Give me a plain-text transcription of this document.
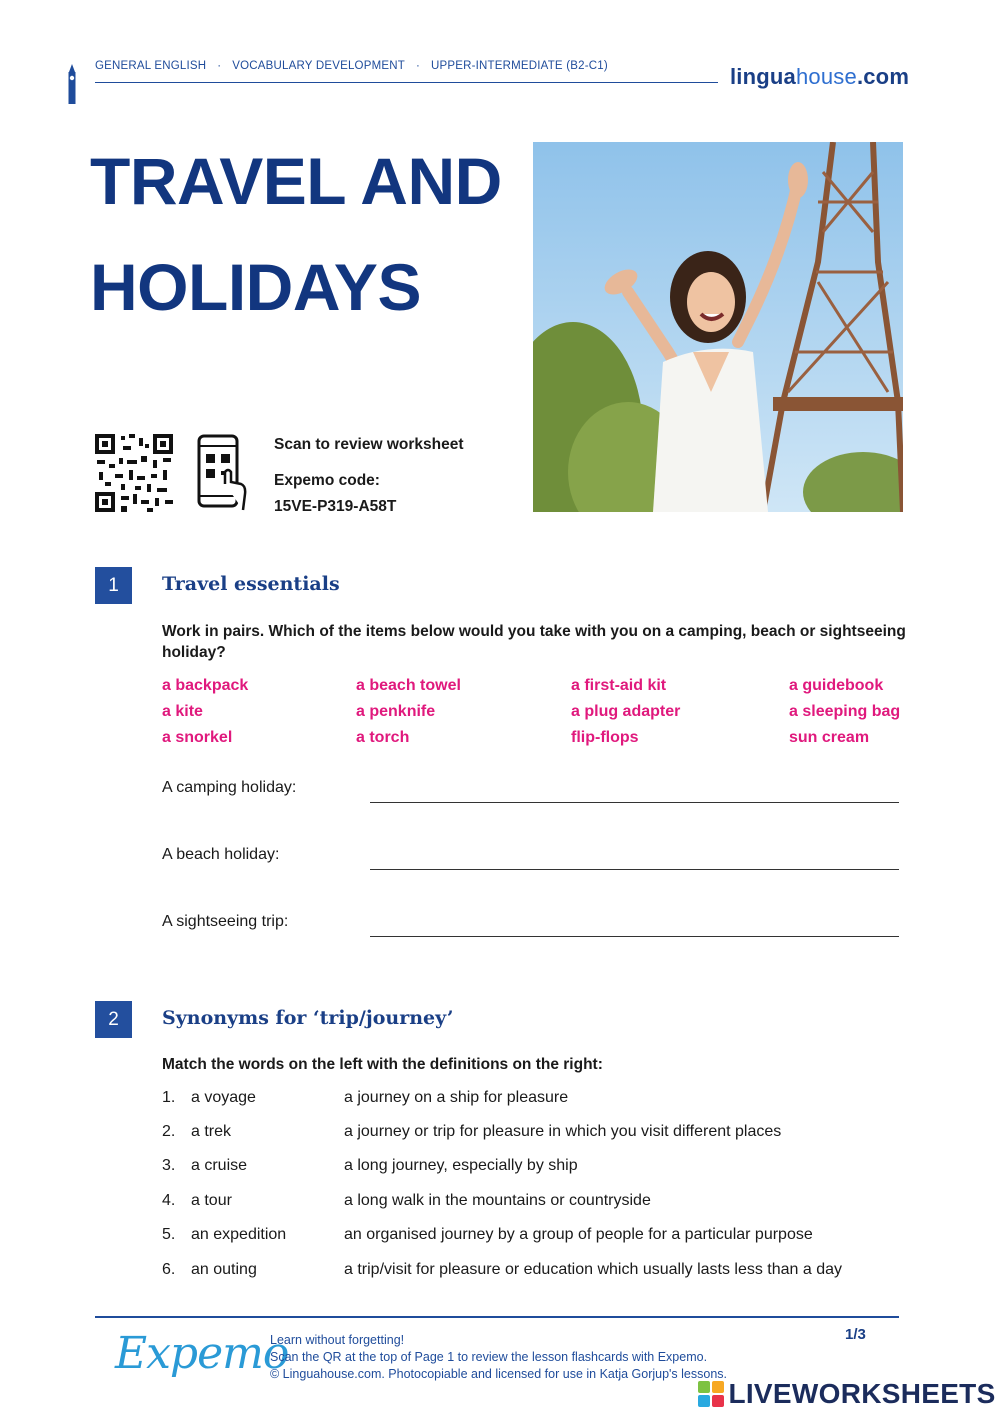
GENERAL ENGLISH · VOCABULARY DEVELOPMENT · UPPER-INTERMEDIATE (B2-C1)	linguahouse.com
TRAVEL AND
HOLIDAYS
Scan to review worksheet
Expemo code:
15VE-P319-A58T
1	Travel essentials
Work in pairs. Which of the items below would you take with you on a camping, beach or sightseeing holiday?
a backpack	a beach towel	a first-aid kit	a guidebook
a kite	a penknife	a plug adapter	a sleeping bag
a snorkel	a torch	flip-flops	sun cream
A camping holiday:
A beach holiday:
A sightseeing trip:
2	Synonyms for ‘trip/journey’
Match the words on the left with the definitions on the right:
1. a voyage	a journey on a ship for pleasure
2. a trek	a journey or trip for pleasure in which you visit different places
3. a cruise	a long journey, especially by ship
4. a tour	a long walk in the mountains or countryside
5. an expedition	an organised journey by a group of people for a particular purpose
6. an outing	a trip/visit for pleasure or education which usually lasts less than a day
Expemo
Learn without forgetting!
Scan the QR at the top of Page 1 to review the lesson flashcards with Expemo.
© Linguahouse.com. Photocopiable and licensed for use in Katja Gorjup's lessons.
1/3
LIVEWORKSHEETS
